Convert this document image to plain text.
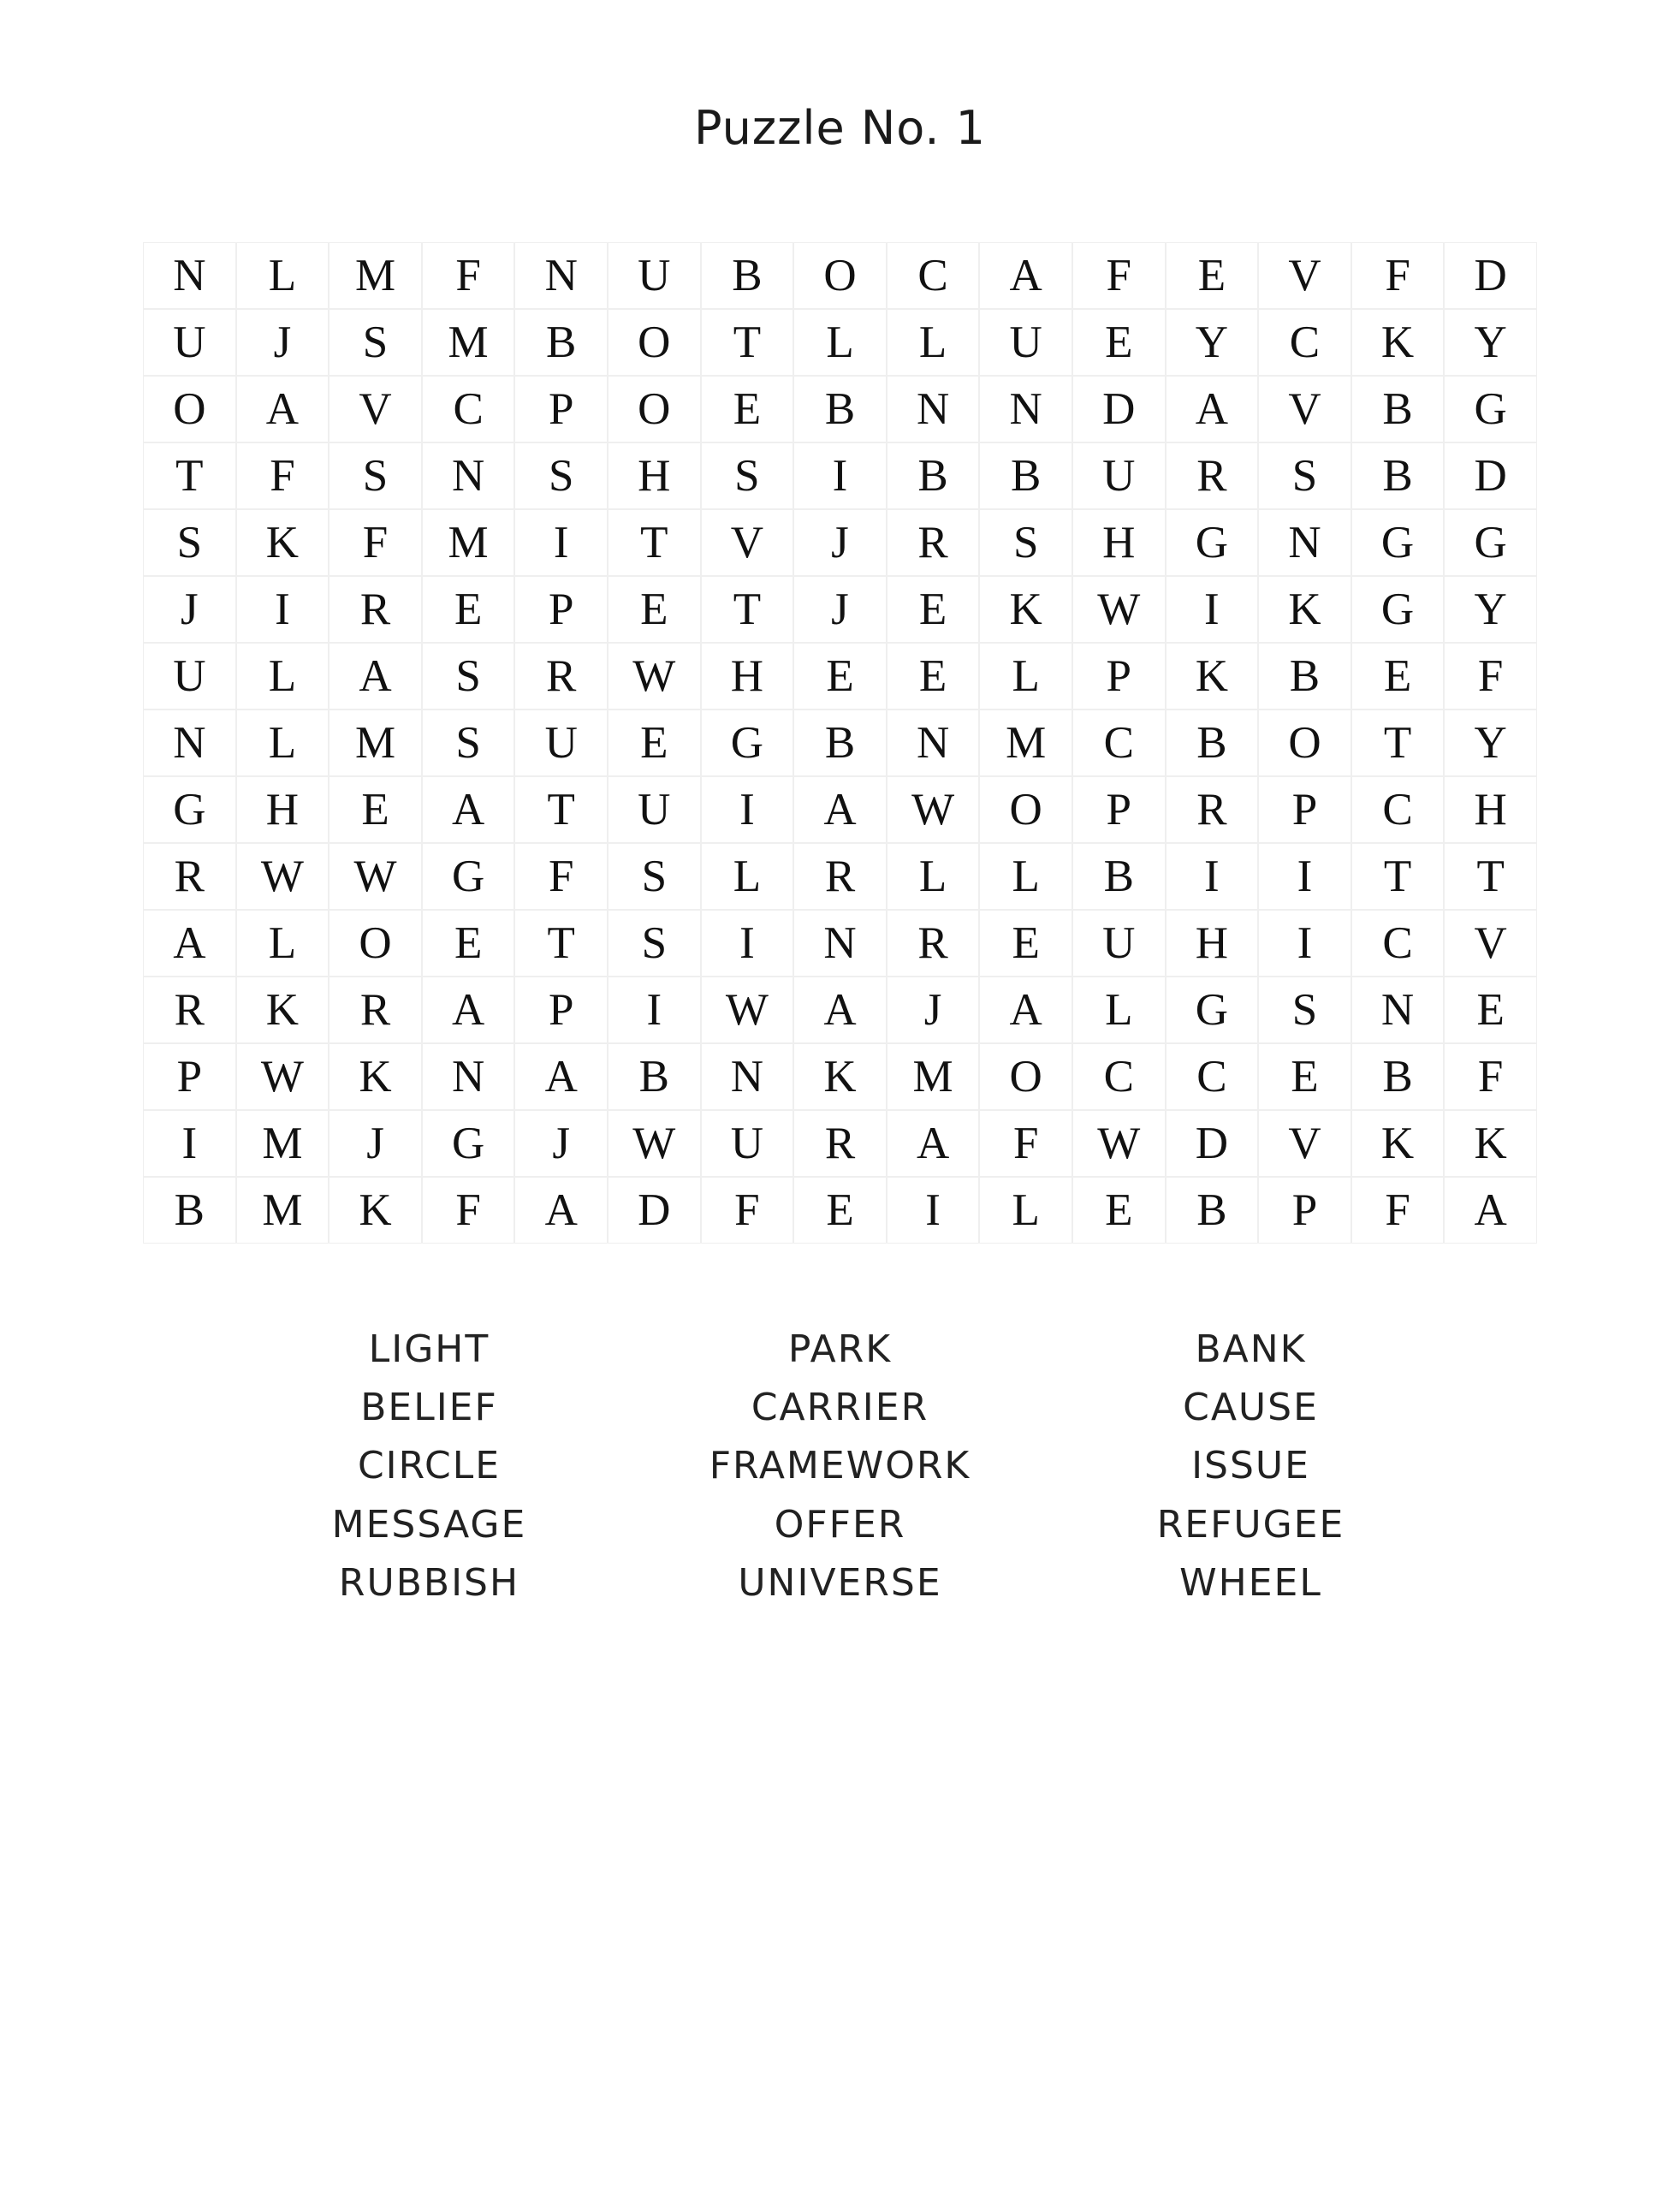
Puzzle No. 1
N	L	M	F	N	U	B	O	C	A	F	E	V	F	D
U	J	S	M	B	O	T	L	L	U	E	Y	C	K	Y
O	A	V	C	P	O	E	B	N	N	D	A	V	B	G
T	F	S	N	S	H	S	I	B	B	U	R	S	B	D
S	K	F	M	I	T	V	J	R	S	H	G	N	G	G
J	I	R	E	P	E	T	J	E	K	W	I	K	G	Y
U	L	A	S	R	W	H	E	E	L	P	K	B	E	F
N	L	M	S	U	E	G	B	N	M	C	B	O	T	Y
G	H	E	A	T	U	I	A	W	O	P	R	P	C	H
R	W	W	G	F	S	L	R	L	L	B	I	I	T	T
A	L	O	E	T	S	I	N	R	E	U	H	I	C	V
R	K	R	A	P	I	W	A	J	A	L	G	S	N	E
P	W	K	N	A	B	N	K	M	O	C	C	E	B	F
I	M	J	G	J	W	U	R	A	F	W	D	V	K	K
B	M	K	F	A	D	F	E	I	L	E	B	P	F	A
LIGHT
BELIEF
CIRCLE
MESSAGE
RUBBISH
PARK
CARRIER
FRAMEWORK
OFFER
UNIVERSE
BANK
CAUSE
ISSUE
REFUGEE
WHEEL
